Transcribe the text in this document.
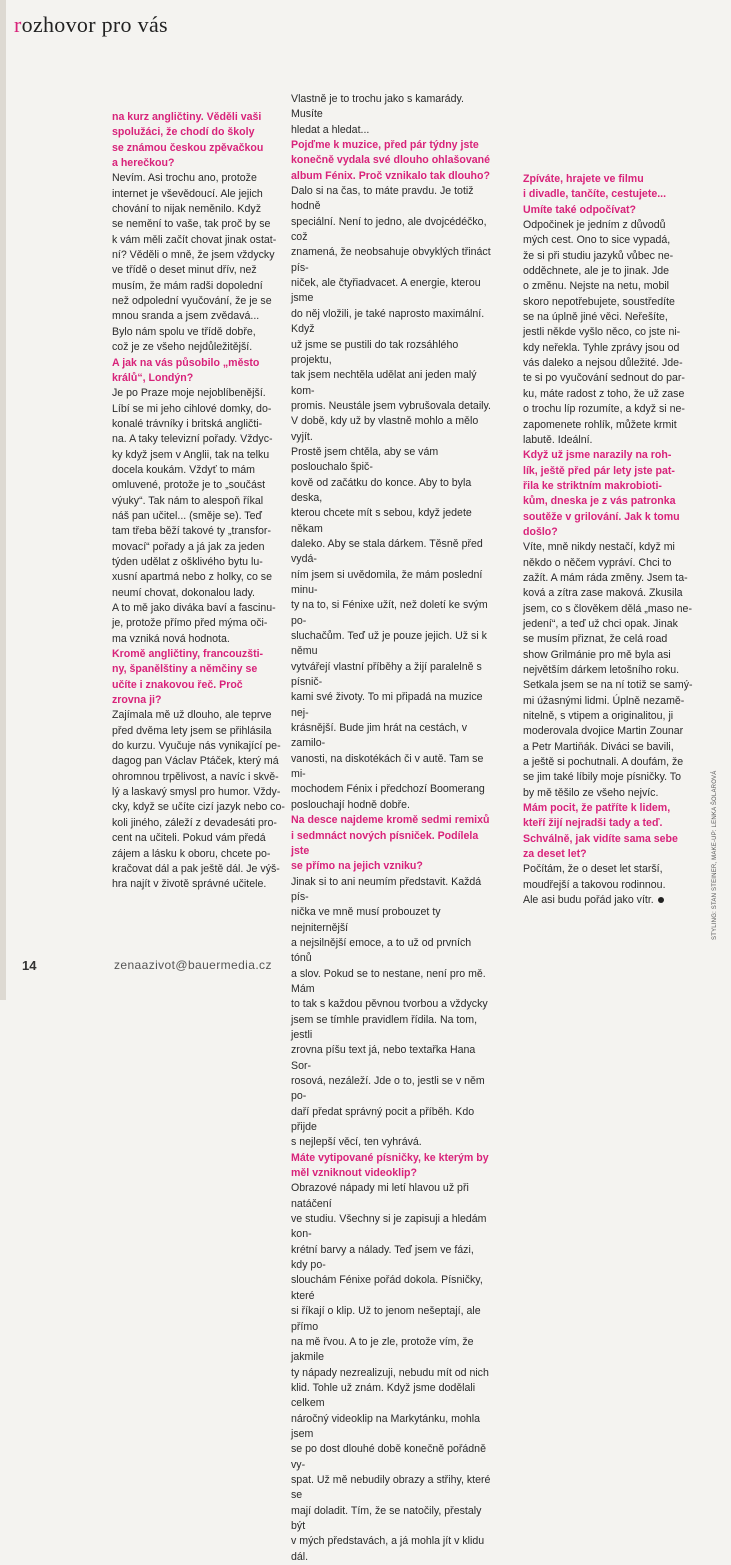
rozhovor pro vás

na kurz angličtiny. Věděli vaši
spolužáci, že chodí do školy
se známou českou zpěvačkou
a herečkou?

Nevím. Asi trochu ano, protože
internet je vševědoucí. Ale jejich
chování to nijak neměnilo. Když
se nemění to vaše, tak proč by se
k vám měli začít chovat jinak ostat-
ní? Věděli o mně, že jsem vždycky
ve třídě o deset minut dřív, než
musím, že mám radši dopolední
než odpolední vyučování, že je se
mnou sranda a jsem zvědavá...
Bylo nám spolu ve třídě dobře,
což je ze všeho nejdůležitější.

A jak na vás působilo „město
králů“, Londýn?

Je po Praze moje nejoblíbenější.
Líbí se mi jeho cihlové domky, do-
konalé trávníky i britská angličti-
na. A taky televizní pořady. Vždyc-
ky když jsem v Anglii, tak na telku
docela koukám. Vždyť to mám
omluvené, protože je to „součást
výuky“. Tak nám to alespoň říkal
náš pan učitel... (směje se). Teď
tam třeba běží takové ty „transfor-
movací“ pořady a já jak za jeden
týden udělat z ošklivého bytu lu-
xusní apartmá nebo z holky, co se
neumí chovat, dokonalou lady.
A to mě jako diváka baví a fascinu-
je, protože přímo před mýma oči-
ma vzniká nová hodnota.

Kromě angličtiny, francouzšti-
ny, španělštiny a němčiny se
učíte i znakovou řeč. Proč
zrovna ji?

Zajímala mě už dlouho, ale teprve
před dvěma lety jsem se přihlásila
do kurzu. Vyučuje nás vynikající pe-
dagog pan Václav Ptáček, který má
ohromnou trpělivost, a navíc i skvě-
lý a laskavý smysl pro humor. Vždy-
cky, když se učíte cizí jazyk nebo co-
koli jiného, záleží z devadesáti pro-
cent na učiteli. Pokud vám předá
zájem a lásku k oboru, chcete po-
kračovat dál a pak ještě dál. Je výš-
hra najít v životě správné učitele.

Vlastně je to trochu jako s kamarády. Musíte
hledat a hledat...

Pojďme k muzice, před pár týdny jste
konečně vydala své dlouho ohlašované
album Fénix. Proč vznikalo tak dlouho?

Dalo si na čas, to máte pravdu. Je totiž hodně
speciální. Není to jedno, ale dvojcédéčko, což
znamená, že neobsahuje obvyklých třináct pís-
niček, ale čtyřiadvacet. A energie, kterou jsme
do něj vložili, je také naprosto maximální. Když
už jsme se pustili do tak rozsáhlého projektu,
tak jsem nechtěla udělat ani jeden malý kom-
promis. Neustále jsem vybrušovala detaily.
V době, kdy už by vlastně mohlo a mělo vyjít.
Prostě jsem chtěla, aby se vám poslouchalo špič-
kově od začátku do konce. Aby to byla deska,
kterou chcete mít s sebou, když jedete někam
daleko. Aby se stala dárkem. Těsně před vydá-
ním jsem si uvědomila, že mám poslední minu-
ty na to, si Fénixe užít, než doletí ke svým po-
sluchačům. Teď už je pouze jejich. Už si k němu
vytvářejí vlastní příběhy a žijí paralelně s písnič-
kami své životy. To mi připadá na muzice nej-
krásnější. Bude jim hrát na cestách, v zamilo-
vanosti, na diskotékách či v autě. Tam se mi-
mochodem Fénix i předchozí Boomerang
poslouchají hodně dobře.

Na desce najdeme kromě sedmi remixů
i sedmnáct nových písniček. Podílela jste
se přímo na jejich vzniku?

Jinak si to ani neumím představit. Každá pís-
nička ve mně musí probouzet ty nejniternější
a nejsilnější emoce, a to už od prvních tónů
a slov. Pokud se to nestane, není pro mě. Mám
to tak s každou pěvnou tvorbou a vždycky
jsem se tímhle pravidlem řídila. Na tom, jestli
zrovna píšu text já, nebo textařka Hana Sor-
rosová, nezáleží. Jde o to, jestli se v něm po-
daří předat správný pocit a příběh. Kdo přijde
s nejlepší věcí, ten vyhrává.

Máte vytipované písničky, ke kterým by
měl vzniknout videoklip?

Obrazové nápady mi letí hlavou už při natáčení
ve studiu. Všechny si je zapisuji a hledám kon-
krétní barvy a nálady. Teď jsem ve fázi, kdy po-
slouchám Fénixe pořád dokola. Písničky, které
si říkají o klip. Už to jenom nešeptají, ale přímo
na mě řvou. A to je zle, protože vím, že jakmile
ty nápady nezrealizuji, nebudu mít od nich
klid. Tohle už znám. Když jsme dodělali celkem
náročný videoklip na Markytánku, mohla jsem
se po dost dlouhé době konečně pořádně vy-
spat. Už mě nebudily obrazy a střihy, které se
mají doladit. Tím, že se natočily, přestaly být
v mých představách, a já mohla jít v klidu dál.

Zpíváte, hrajete ve filmu
i divadle, tančíte, cestujete...
Umíte také odpočívat?

Odpočinek je jedním z důvodů
mých cest. Ono to sice vypadá,
že si při studiu jazyků vůbec ne-
odděchnete, ale je to jinak. Jde
o změnu. Nejste na netu, mobil
skoro nepotřebujete, soustředíte
se na úplně jiné věci. Neřešíte,
jestli někde vyšlo něco, co jste ni-
kdy neřekla. Tyhle zprávy jsou od
vás daleko a nejsou důležité. Jde-
te si po vyučování sednout do par-
ku, máte radost z toho, že už zase
o trochu líp rozumíte, a když si ne-
zapomenete rohlík, můžete krmit
labutě. Ideální.

Když už jsme narazily na roh-
lík, ještě před pár lety jste pat-
řila ke striktním makrobioti-
kům, dneska je z vás patronka
soutěže v grilování. Jak k tomu
došlo?

Víte, mně nikdy nestačí, když mi
někdo o něčem vypráví. Chci to
zažít. A mám ráda změny. Jsem ta-
ková a zítra zase maková. Zkusila
jsem, co s člověkem dělá „maso ne-
jedení“, a teď už chci opak. Jinak
se musím přiznat, že celá road
show Grilmánie pro mě byla asi
největším dárkem letošního roku.
Setkala jsem se na ní totiž se samý-
mi úžasnými lidmi. Úplně nezamě-
nitelně, s vtipem a originalitou, ji
moderovala dvojice Martin Zounar
a Petr Martiňák. Diváci se bavili,
a ještě si pochutnali. A doufám, že
se jim také líbily moje písničky. To
by mě těšilo ze všeho nejvíc.

Mám pocit, že patříte k lidem,
kteří žijí nejradši tady a teď.
Schválně, jak vidíte sama sebe
za deset let?

Počítám, že o deset let starší,
moudřejší a takovou rodinnou.
Ale asi budu pořád jako vítr.

14	zenaazivot@bauermedia.cz
STYLING: STAN STEINER, MAKE-UP: LENKA ŠOLAROVÁ
